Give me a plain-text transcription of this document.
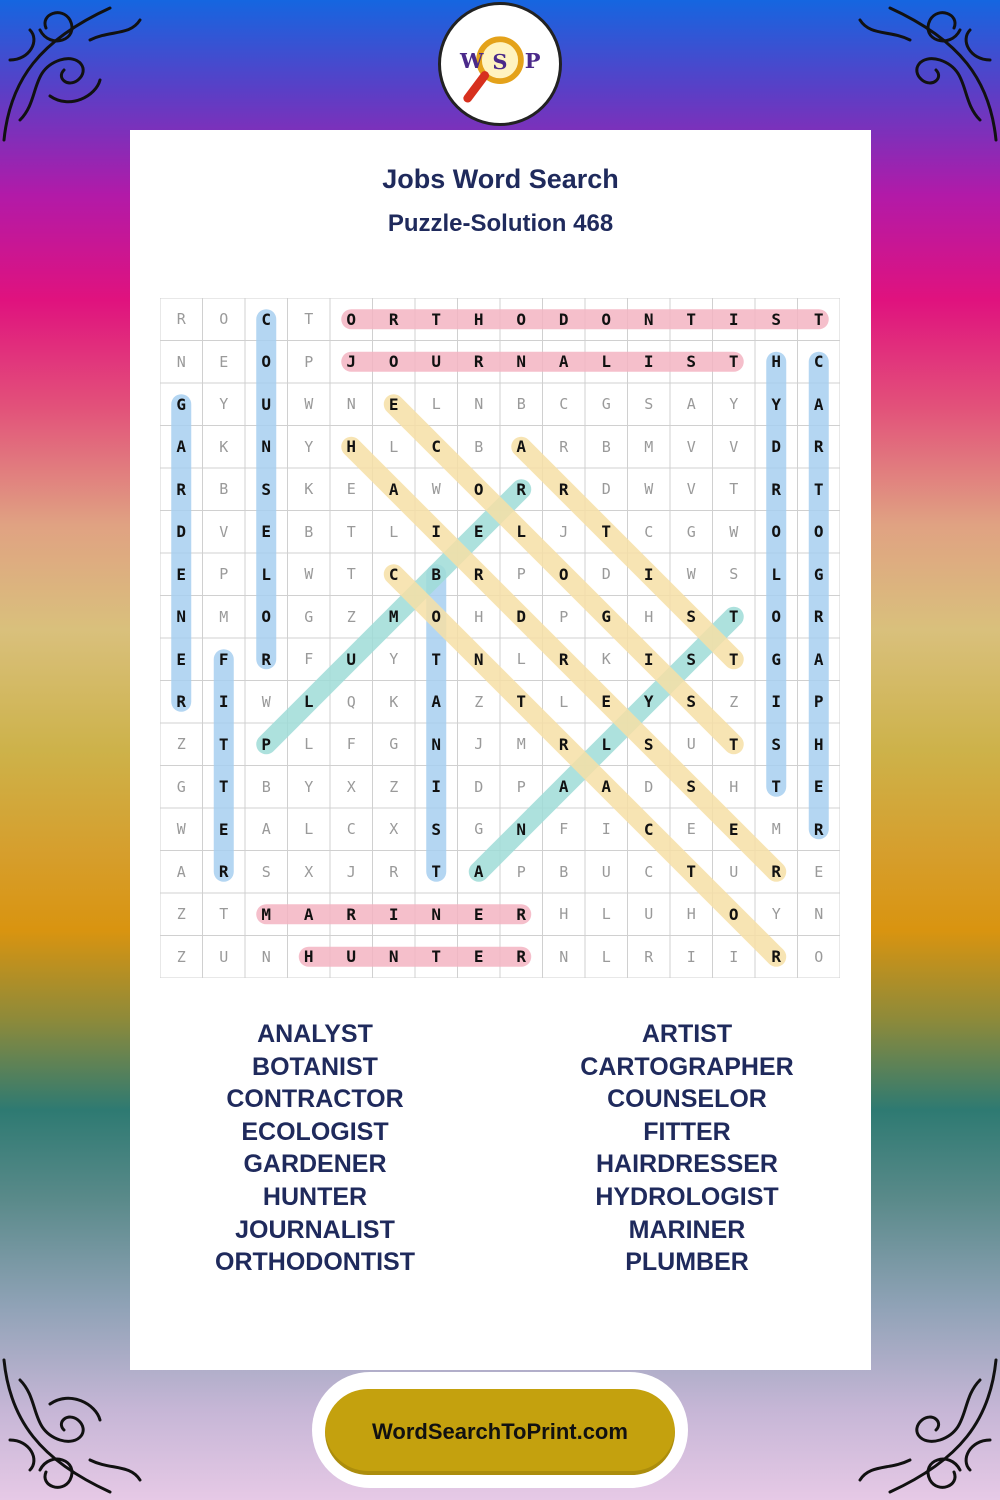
Jobs Word Search
Puzzle-Solution 468
R	O	C	T	O	R	T	H	O	D	O	N	T	I	S	T
N	E	O	P	J	O	U	R	N	A	L	I	S	T	H	C
G	Y	U	W	N	E	L	N	B	C	G	S	A	Y	Y	A
A	K	N	Y	H	L	C	B	A	R	B	M	V	V	D	R
R	B	S	K	E	A	W	O	R	R	D	W	V	T	R	T
D	V	E	B	T	L	I	E	L	J	T	C	G	W	O	O
E	P	L	W	T	C	B	R	P	O	D	I	W	S	L	G
N	M	O	G	Z	M	O	H	D	P	G	H	S	T	O	R
E	F	R	F	U	Y	T	N	L	R	K	I	S	T	G	A
R	I	W	L	Q	K	A	Z	T	L	E	Y	S	Z	I	P
Z	T	P	L	F	G	N	J	M	R	L	S	U	T	S	H
G	T	B	Y	X	Z	I	D	P	A	A	D	S	H	T	E
W	E	A	L	C	X	S	G	N	F	I	C	E	E	M	R
A	R	S	X	J	R	T	A	P	B	U	C	T	U	R	E
Z	T	M	A	R	I	N	E	R	H	L	U	H	O	Y	N
Z	U	N	H	U	N	T	E	R	N	L	R	I	I	R	O
ANALYST
BOTANIST
CONTRACTOR
ECOLOGIST
GARDENER
HUNTER
JOURNALIST
ORTHODONTIST
ARTIST
CARTOGRAPHER
COUNSELOR
FITTER
HAIRDRESSER
HYDROLOGIST
MARINER
PLUMBER
W S P
WordSearchToPrint.com
